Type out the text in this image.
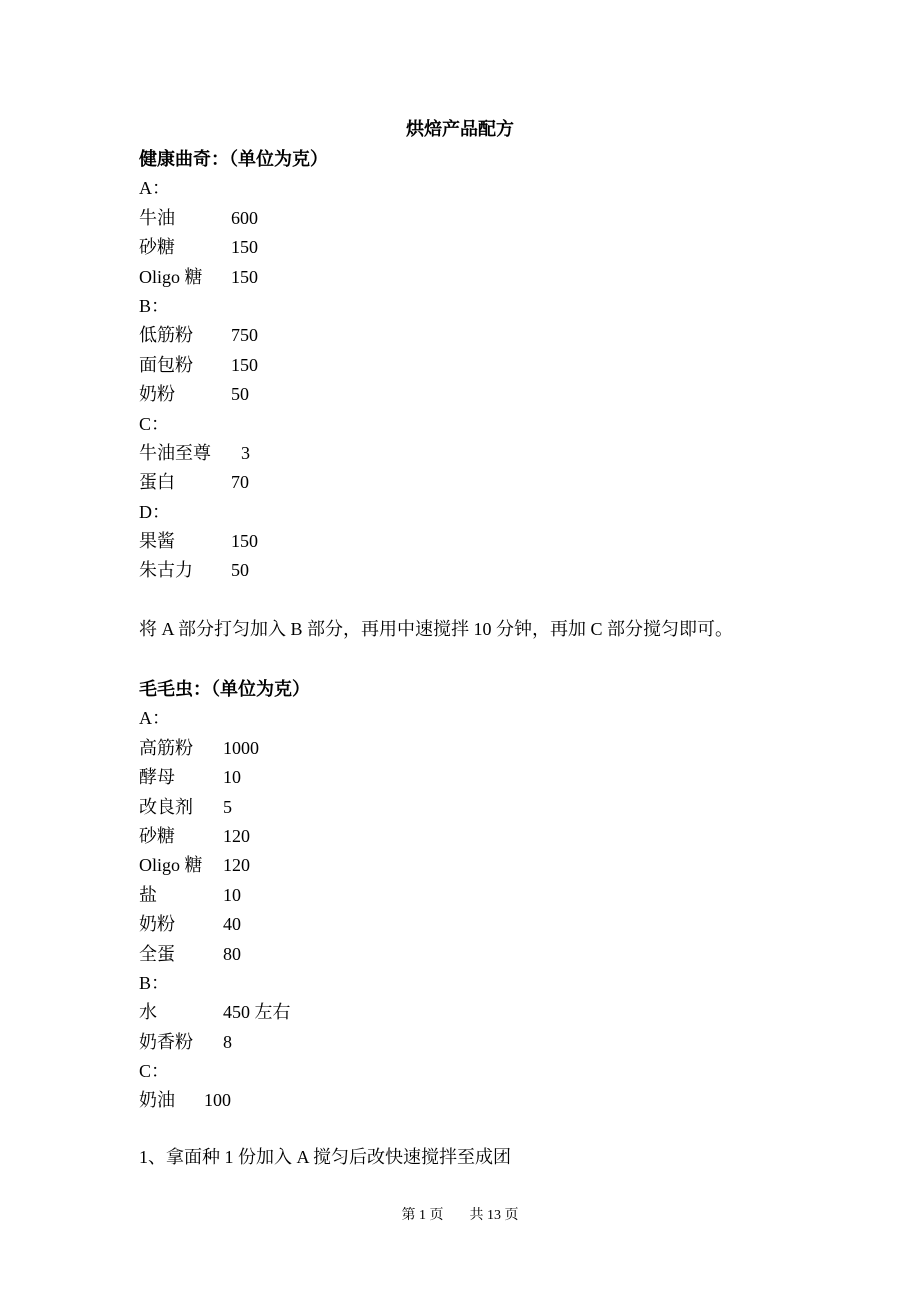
烘焙产品配方
健康曲奇：（单位为克）
A：
牛油	600
砂糖	150
Oligo 糖 150
B：
低筋粉 750
面包粉 150
奶粉	50
C：
牛油至尊 3
蛋白	70
D：
果酱	150
朱古力 50
将 A 部分打匀加入 B 部分，再用中速搅拌 10 分钟，再加 C 部分搅匀即可。
毛毛虫：（单位为克）
A：
高筋粉 1000
酵母	10
改良剂 5
砂糖	120
Oligo 糖 120
盐	10
奶粉	40
全蛋	80
B：
水	450 左右
奶香粉 8
C：
奶油 100
1、拿面种 1 份加入 A 搅匀后改快速搅拌至成团
第 1 页 共 13 页
